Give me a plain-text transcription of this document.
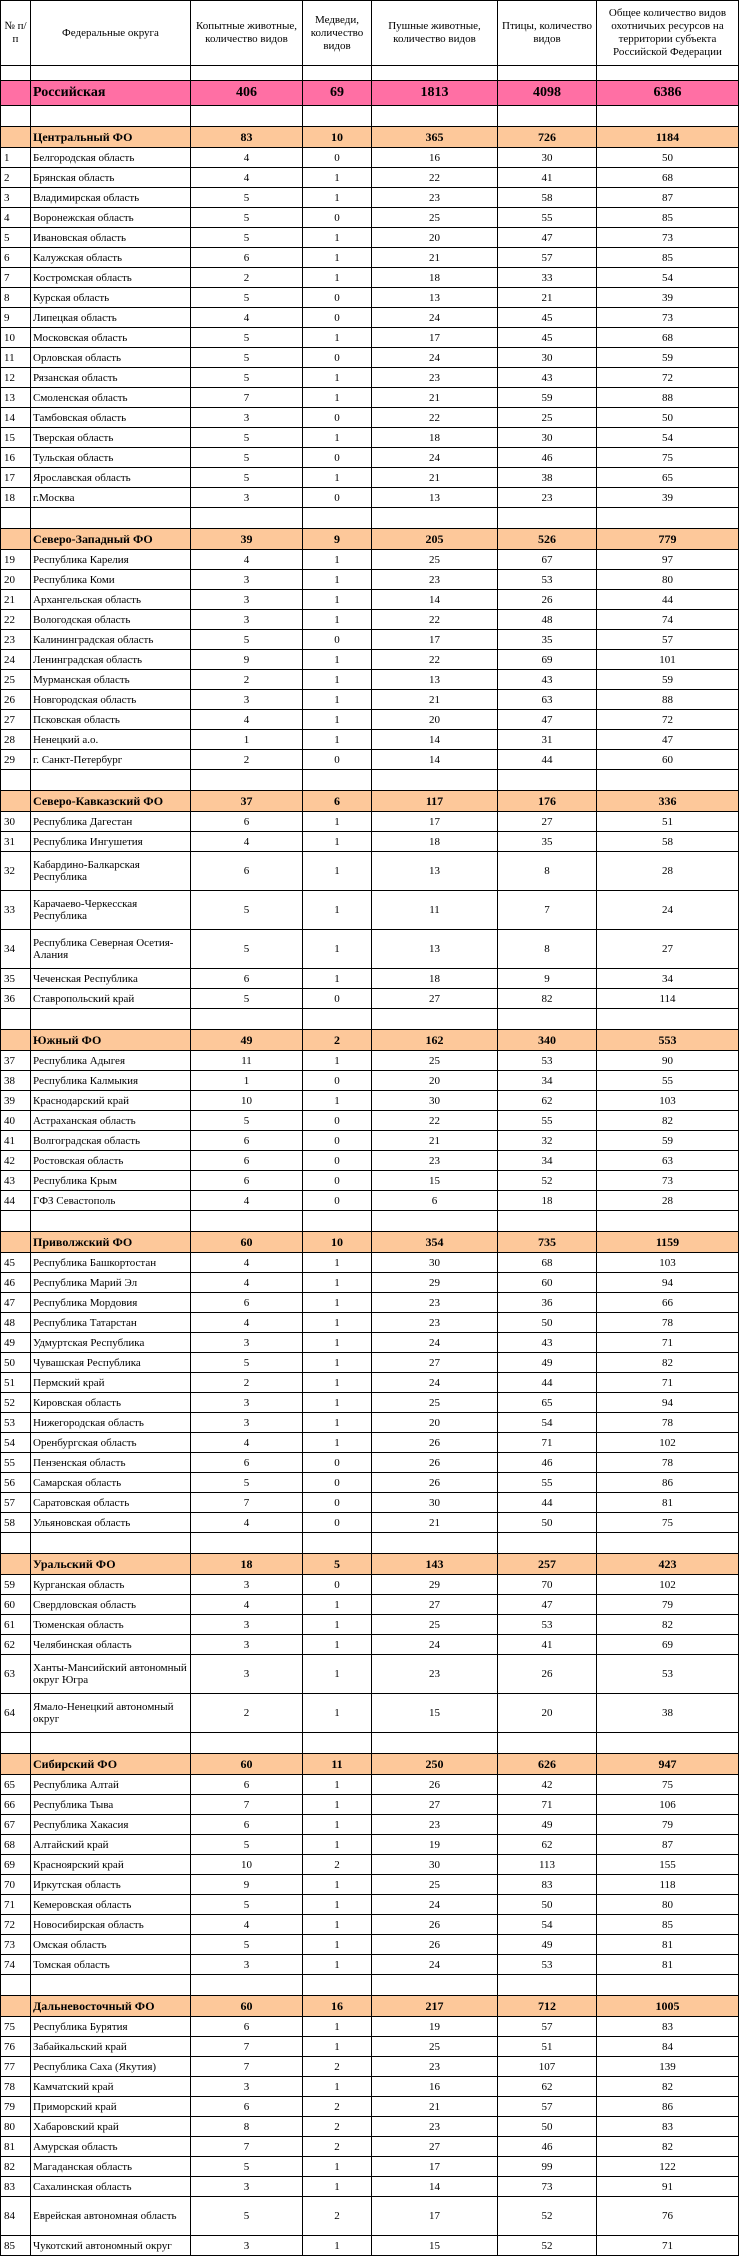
№ п/п	Федеральные округа	Копытные животные, количество видов	Медведи, количество видов	Пушные животные, количество видов	Птицы, количество видов	Общее количество видов охотничьих ресурсов на территории субъекта Российской Федерации

	Российская	406	69	1813	4098	6386

	Центральный ФО	83	10	365	726	1184
1	Белгородская область	4	0	16	30	50
2	Брянская область	4	1	22	41	68
3	Владимирская область	5	1	23	58	87
4	Воронежская область	5	0	25	55	85
5	Ивановская область	5	1	20	47	73
6	Калужская область	6	1	21	57	85
7	Костромская область	2	1	18	33	54
8	Курская область	5	0	13	21	39
9	Липецкая область	4	0	24	45	73
10	Московская область	5	1	17	45	68
11	Орловская область	5	0	24	30	59
12	Рязанская область	5	1	23	43	72
13	Смоленская область	7	1	21	59	88
14	Тамбовская область	3	0	22	25	50
15	Тверская область	5	1	18	30	54
16	Тульская область	5	0	24	46	75
17	Ярославская область	5	1	21	38	65
18	г.Москва	3	0	13	23	39

	Северо-Западный ФО	39	9	205	526	779
19	Республика Карелия	4	1	25	67	97
20	Республика Коми	3	1	23	53	80
21	Архангельская область	3	1	14	26	44
22	Вологодская область	3	1	22	48	74
23	Калининградская область	5	0	17	35	57
24	Ленинградская область	9	1	22	69	101
25	Мурманская область	2	1	13	43	59
26	Новгородская область	3	1	21	63	88
27	Псковская область	4	1	20	47	72
28	Ненецкий а.о.	1	1	14	31	47
29	г. Санкт-Петербург	2	0	14	44	60

	Северо-Кавказский ФО	37	6	117	176	336
30	Республика Дагестан	6	1	17	27	51
31	Республика Ингушетия	4	1	18	35	58
32	Кабардино-Балкарская Республика	6	1	13	8	28
33	Карачаево-Черкесская Республика	5	1	11	7	24
34	Республика Северная Осетия-Алания	5	1	13	8	27
35	Чеченская Республика	6	1	18	9	34
36	Ставропольский край	5	0	27	82	114

	Южный ФО	49	2	162	340	553
37	Республика Адыгея	11	1	25	53	90
38	Республика Калмыкия	1	0	20	34	55
39	Краснодарский край	10	1	30	62	103
40	Астраханская область	5	0	22	55	82
41	Волгоградская область	6	0	21	32	59
42	Ростовская область	6	0	23	34	63
43	Республика Крым	6	0	15	52	73
44	ГФЗ Севастополь	4	0	6	18	28

	Приволжский ФО	60	10	354	735	1159
45	Республика Башкортостан	4	1	30	68	103
46	Республика Марий Эл	4	1	29	60	94
47	Республика Мордовия	6	1	23	36	66
48	Республика Татарстан	4	1	23	50	78
49	Удмуртская Республика	3	1	24	43	71
50	Чувашская Республика	5	1	27	49	82
51	Пермский край	2	1	24	44	71
52	Кировская область	3	1	25	65	94
53	Нижегородская область	3	1	20	54	78
54	Оренбургская область	4	1	26	71	102
55	Пензенская область	6	0	26	46	78
56	Самарская область	5	0	26	55	86
57	Саратовская область	7	0	30	44	81
58	Ульяновская область	4	0	21	50	75

	Уральский ФО	18	5	143	257	423
59	Курганская область	3	0	29	70	102
60	Свердловская область	4	1	27	47	79
61	Тюменская область	3	1	25	53	82
62	Челябинская область	3	1	24	41	69
63	Ханты-Мансийский автономный округ Югра	3	1	23	26	53
64	Ямало-Ненецкий автономный округ	2	1	15	20	38

	Сибирский ФО	60	11	250	626	947
65	Республика Алтай	6	1	26	42	75
66	Республика Тыва	7	1	27	71	106
67	Республика Хакасия	6	1	23	49	79
68	Алтайский край	5	1	19	62	87
69	Красноярский край	10	2	30	113	155
70	Иркутская область	9	1	25	83	118
71	Кемеровская область	5	1	24	50	80
72	Новосибирская область	4	1	26	54	85
73	Омская область	5	1	26	49	81
74	Томская область	3	1	24	53	81

	Дальневосточный ФО	60	16	217	712	1005
75	Республика Бурятия	6	1	19	57	83
76	Забайкальский край	7	1	25	51	84
77	Республика Саха (Якутия)	7	2	23	107	139
78	Камчатский край	3	1	16	62	82
79	Приморский край	6	2	21	57	86
80	Хабаровский край	8	2	23	50	83
81	Амурская область	7	2	27	46	82
82	Магаданская область	5	1	17	99	122
83	Сахалинская область	3	1	14	73	91
84	Еврейская автономная область	5	2	17	52	76
85	Чукотский автономный округ	3	1	15	52	71
